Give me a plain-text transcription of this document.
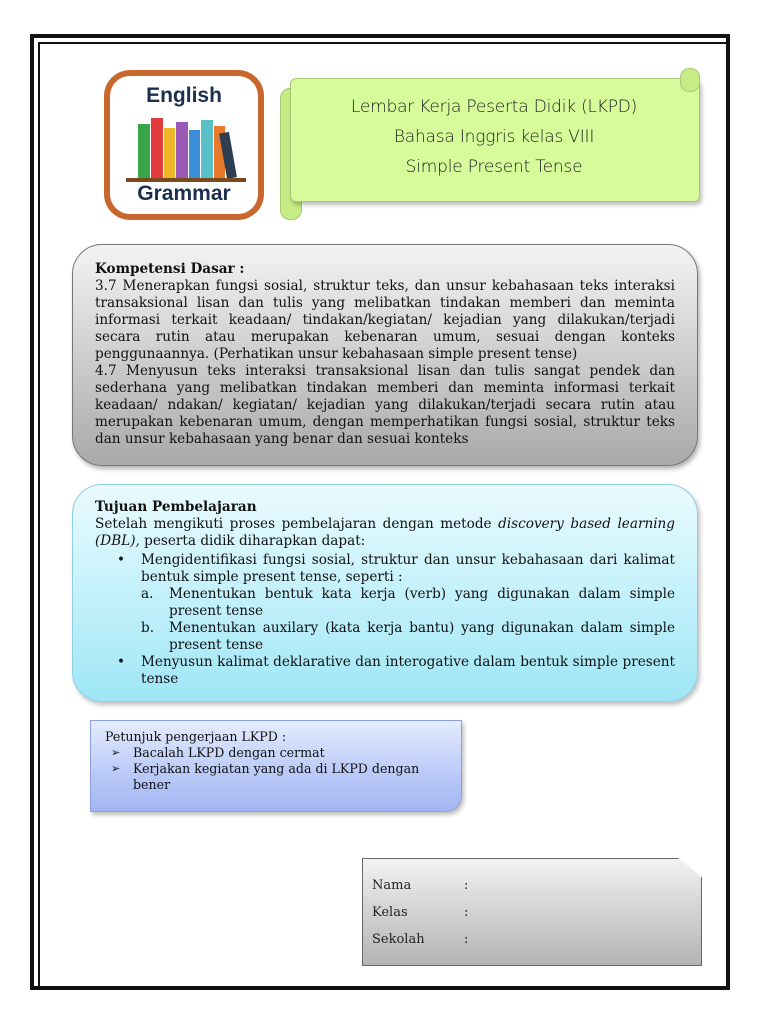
English
Grammar
Lembar Kerja Peserta Didik (LKPD)
Bahasa Inggris kelas VIII
Simple Present Tense
Kompetensi Dasar :
3.7 Menerapkan fungsi sosial, struktur teks, dan unsur kebahasaan teks interaksi transaksional lisan dan tulis yang melibatkan tindakan memberi dan meminta informasi terkait keadaan/ tindakan/kegiatan/ kejadian yang dilakukan/terjadi secara rutin atau merupakan kebenaran umum, sesuai dengan konteks penggunaannya. (Perhatikan unsur kebahasaan simple present tense)
4.7 Menyusun teks interaksi transaksional lisan dan tulis sangat pendek dan sederhana yang melibatkan tindakan memberi dan meminta informasi terkait keadaan/ ndakan/ kegiatan/ kejadian yang dilakukan/terjadi secara rutin atau merupakan kebenaran umum, dengan memperhatikan fungsi sosial, struktur teks dan unsur kebahasaan yang benar dan sesuai konteks
Tujuan Pembelajaran
Setelah mengikuti proses pembelajaran dengan metode discovery based learning (DBL), peserta didik diharapkan dapat:
• Mengidentifikasi fungsi sosial, struktur dan unsur kebahasaan dari kalimat bentuk simple present tense, seperti :
a. Menentukan bentuk kata kerja (verb) yang digunakan dalam simple present tense
b. Menentukan auxilary (kata kerja bantu) yang digunakan dalam simple present tense
• Menyusun kalimat deklarative dan interogative dalam bentuk simple present tense
Petunjuk pengerjaan LKPD :
➢ Bacalah LKPD dengan cermat
➢ Kerjakan kegiatan yang ada di LKPD dengan bener
Nama	:
Kelas	:
Sekolah	:
